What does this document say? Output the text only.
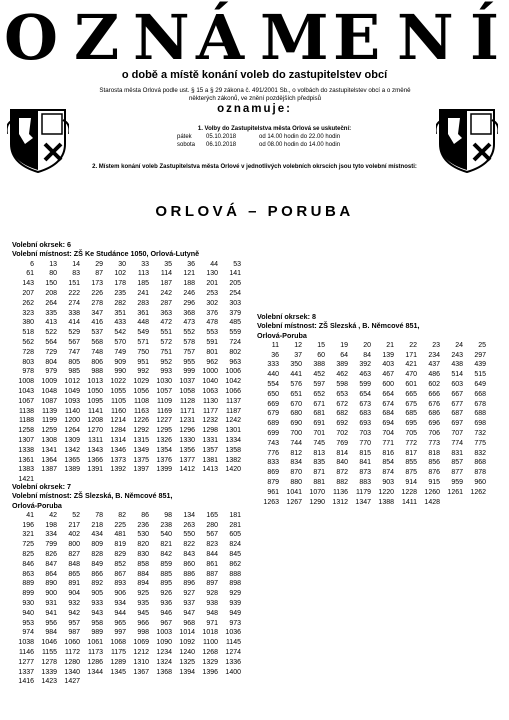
O Z N Á M E N Í
o době a místě konání voleb do zastupitelstev obcí
Starosta města Orlová podle ust. § 15 a § 29 zákona č. 491/2001 Sb., o volbách do zastupitelstev obcí a o změně některých zákonů, ve znění pozdějších předpisů
oznamuje:
1. Volby do Zastupitelstva města Orlová se uskuteční:
pátek 05.10.2018	od 14.00 hodin do 22.00 hodin
sobota 06.10.2018	od 08.00 hodin do 14.00 hodin
2. Místem konání voleb Zastupitelstva města Orlové v jednotlivých volebních okrscích jsou tyto volební místnosti:
ORLOVÁ – PORUBA
Volební okrsek: 6
Volební místnost: ZŠ Ke Studánce 1050, Orlová-Lutyně
6	13	14	29	30	33	35	36	44	53
61	80	83	87	102	113	114	121	130	141
143	150	151	173	178	185	187	188	201	205
207	208	222	226	235	241	242	246	253	254
262	264	274	278	282	283	287	296	302	303
323	335	338	347	351	361	363	368	376	379
380	413	414	416	433	448	472	473	478	485
518	522	529	537	542	549	551	552	553	559
562	564	567	568	570	571	572	578	591	724
728	729	747	748	749	750	751	757	801	802
803	804	805	806	909	951	952	955	962	963
978	979	985	988	990	992	993	999	1000	1006
1008	1009	1012	1013	1022	1029	1030	1037	1040	1042
1043	1048	1049	1050	1055	1056	1057	1058	1063	1066
1067	1087	1093	1095	1105	1108	1109	1128	1130	1137
1138	1139	1140	1141	1160	1163	1169	1171	1177	1187
1188	1199	1200	1208	1214	1226	1227	1231	1232	1242
1258	1259	1264	1270	1284	1292	1295	1296	1298	1301
1307	1308	1309	1311	1314	1315	1326	1330	1331	1334
1338	1341	1342	1343	1346	1349	1354	1356	1357	1358
1361	1364	1365	1366	1373	1375	1376	1377	1381	1382
1383	1387	1389	1391	1392	1397	1399	1412	1413	1420
1421
Volební okrsek: 7
Volební místnost: ZŠ Slezská, B. Němcové 851,
Orlová-Poruba
41	42	52	78	82	86	98	134	165	181
196	198	217	218	225	236	238	263	280	281
321	334	402	434	481	530	540	550	567	605
725	799	800	809	819	820	821	822	823	824
825	826	827	828	829	830	842	843	844	845
846	847	848	849	852	858	859	860	861	862
863	864	865	866	867	884	885	886	887	888
889	890	891	892	893	894	895	896	897	898
899	900	904	905	906	925	926	927	928	929
930	931	932	933	934	935	936	937	938	939
940	941	942	943	944	945	946	947	948	949
953	956	957	958	965	966	967	968	971	973
974	984	987	989	997	998	1003	1014	1018	1036
1038	1046	1060	1061	1068	1069	1090	1092	1100	1145
1146	1155	1172	1173	1175	1212	1234	1240	1268	1274
1277	1278	1280	1286	1289	1310	1324	1325	1329	1336
1337	1339	1340	1344	1345	1367	1368	1394	1396	1400
1416	1423	1427
Volební okrsek: 8
Volební místnost: ZŠ Slezská , B. Němcové 851,
Orlová-Poruba
11	12	15	19	20	21	22	23	24	25
36	37	60	64	84	139	171	234	243	297
333	350	388	389	392	403	421	437	438	439
440	441	452	462	463	467	470	486	514	515
554	576	597	598	599	600	601	602	603	649
650	651	652	653	654	664	665	666	667	668
669	670	671	672	673	674	675	676	677	678
679	680	681	682	683	684	685	686	687	688
689	690	691	692	693	694	695	696	697	698
699	700	701	702	703	704	705	706	707	732
743	744	745	769	770	771	772	773	774	775
776	812	813	814	815	816	817	818	831	832
833	834	835	840	841	854	855	856	857	868
869	870	871	872	873	874	875	876	877	878
879	880	881	882	883	903	914	915	959	960
961	1041	1070	1136	1179	1220	1228	1260	1261	1262
1263	1267	1290	1312	1347	1388	1411	1428
